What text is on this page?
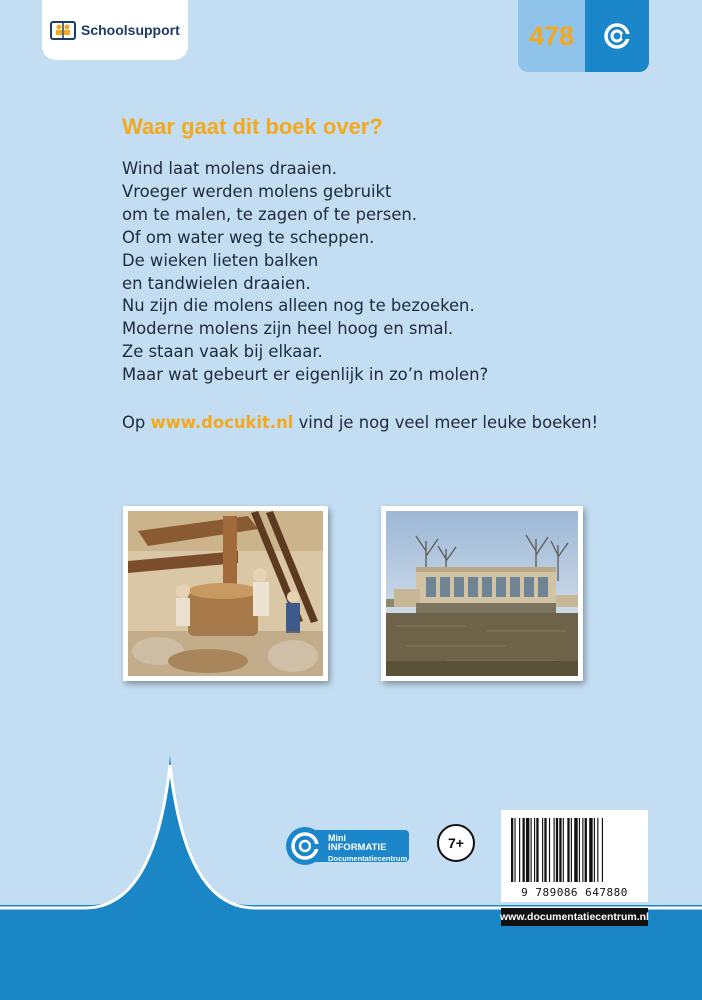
Schoolsupport	478
Waar gaat dit boek over?
Wind laat molens draaien.
Vroeger werden molens gebruikt
om te malen, te zagen of te persen.
Of om water weg te scheppen.
De wieken lieten balken
en tandwielen draaien.
Nu zijn die molens alleen nog te bezoeken.
Moderne molens zijn heel hoog en smal.
Ze staan vaak bij elkaar.
Maar wat gebeurt er eigenlijk in zo’n molen?
Op www.docukit.nl vind je nog veel meer leuke boeken!
Mini
INFORMATIE
Documentatiecentrum
7+
9 789086 647880
www.documentatiecentrum.nl
